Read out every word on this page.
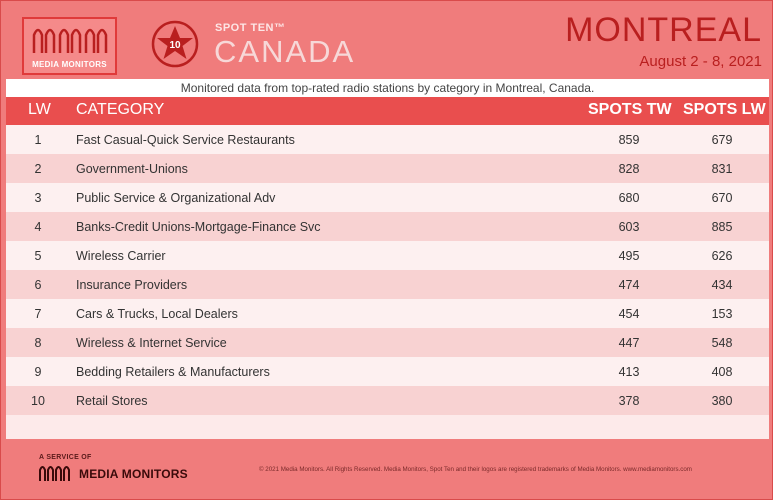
MEDIA MONITORS
10
SPOT TEN™
CANADA
MONTREAL
August 2 - 8, 2021
Monitored data from top-rated radio stations by category in Montreal, Canada.
LW CATEGORY	SPOTS TW SPOTS LW
1	Fast Casual-Quick Service Restaurants	859	679
2	Government-Unions	828	831
3	Public Service & Organizational Adv	680	670
4	Banks-Credit Unions-Mortgage-Finance Svc	603	885
5	Wireless Carrier	495	626
6	Insurance Providers	474	434
7	Cars & Trucks, Local Dealers	454	153
8	Wireless & Internet Service	447	548
9	Bedding Retailers & Manufacturers	413	408
10 Retail Stores	378	380
A SERVICE OF
MEDIA MONITORS	© 2021 Media Monitors. All Rights Reserved. Media Monitors, Spot Ten and their logos are registered trademarks of Media Monitors. www.mediamonitors.com
